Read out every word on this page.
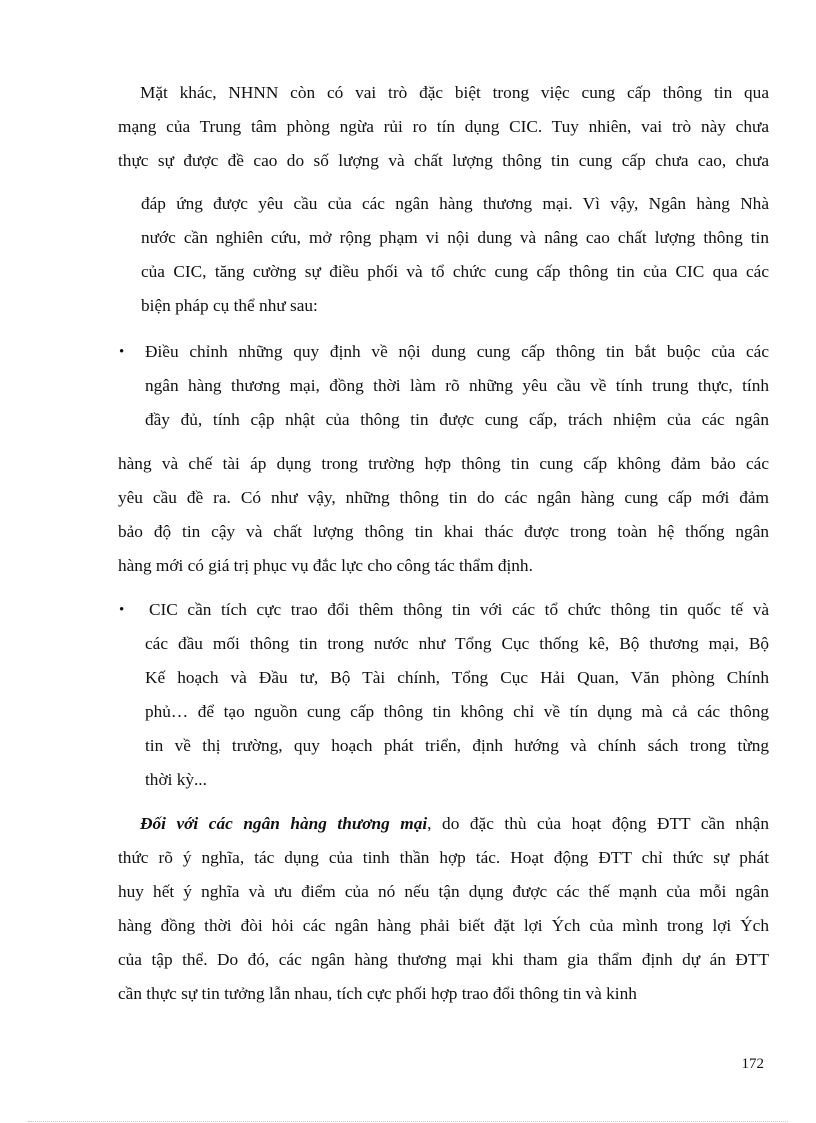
Mặt khác, NHNN còn có vai trò đặc biệt trong việc cung cấp thông tin qua
mạng của Trung tâm phòng ngừa rủi ro tín dụng CIC. Tuy nhiên, vai trò này chưa
thực sự được đề cao do số lượng và chất lượng thông tin cung cấp chưa cao, chưa
đáp ứng được yêu cầu của các ngân hàng thương mại. Vì vậy, Ngân hàng Nhà
nước cần nghiên cứu, mở rộng phạm vi nội dung và nâng cao chất lượng thông tin
của CIC, tăng cường sự điều phối và tổ chức cung cấp thông tin của CIC qua các
biện pháp cụ thể như sau:
• Điều chỉnh những quy định về nội dung cung cấp thông tin bắt buộc của các
ngân hàng thương mại, đồng thời làm rõ những yêu cầu về tính trung thực, tính
đầy đủ, tính cập nhật của thông tin được cung cấp, trách nhiệm của các ngân
hàng và chế tài áp dụng trong trường hợp thông tin cung cấp không đảm bảo các
yêu cầu đề ra. Có như vậy, những thông tin do các ngân hàng cung cấp mới đảm
bảo độ tin cậy và chất lượng thông tin khai thác được trong toàn hệ thống ngân
hàng mới có giá trị phục vụ đắc lực cho công tác thẩm định.
• CIC cần tích cực trao đổi thêm thông tin với các tổ chức thông tin quốc tế và
các đầu mối thông tin trong nước như Tổng Cục thống kê, Bộ thương mại, Bộ
Kế hoạch và Đầu tư, Bộ Tài chính, Tổng Cục Hải Quan, Văn phòng Chính
phủ… để tạo nguồn cung cấp thông tin không chỉ về tín dụng mà cả các thông
tin về thị trường, quy hoạch phát triển, định hướng và chính sách trong từng
thời kỳ...
Đối với các ngân hàng thương mại, do đặc thù của hoạt động ĐTT cần nhận
thức rõ ý nghĩa, tác dụng của tinh thần hợp tác. Hoạt động ĐTT chỉ thức sự phát
huy hết ý nghĩa và ưu điểm của nó nếu tận dụng được các thế mạnh của mỗi ngân
hàng đồng thời đòi hỏi các ngân hàng phải biết đặt lợi Ých của mình trong lợi Ých
của tập thể. Do đó, các ngân hàng thương mại khi tham gia thẩm định dự án ĐTT
cần thực sự tin tưởng lẫn nhau, tích cực phối hợp trao đổi thông tin và kinh
172
